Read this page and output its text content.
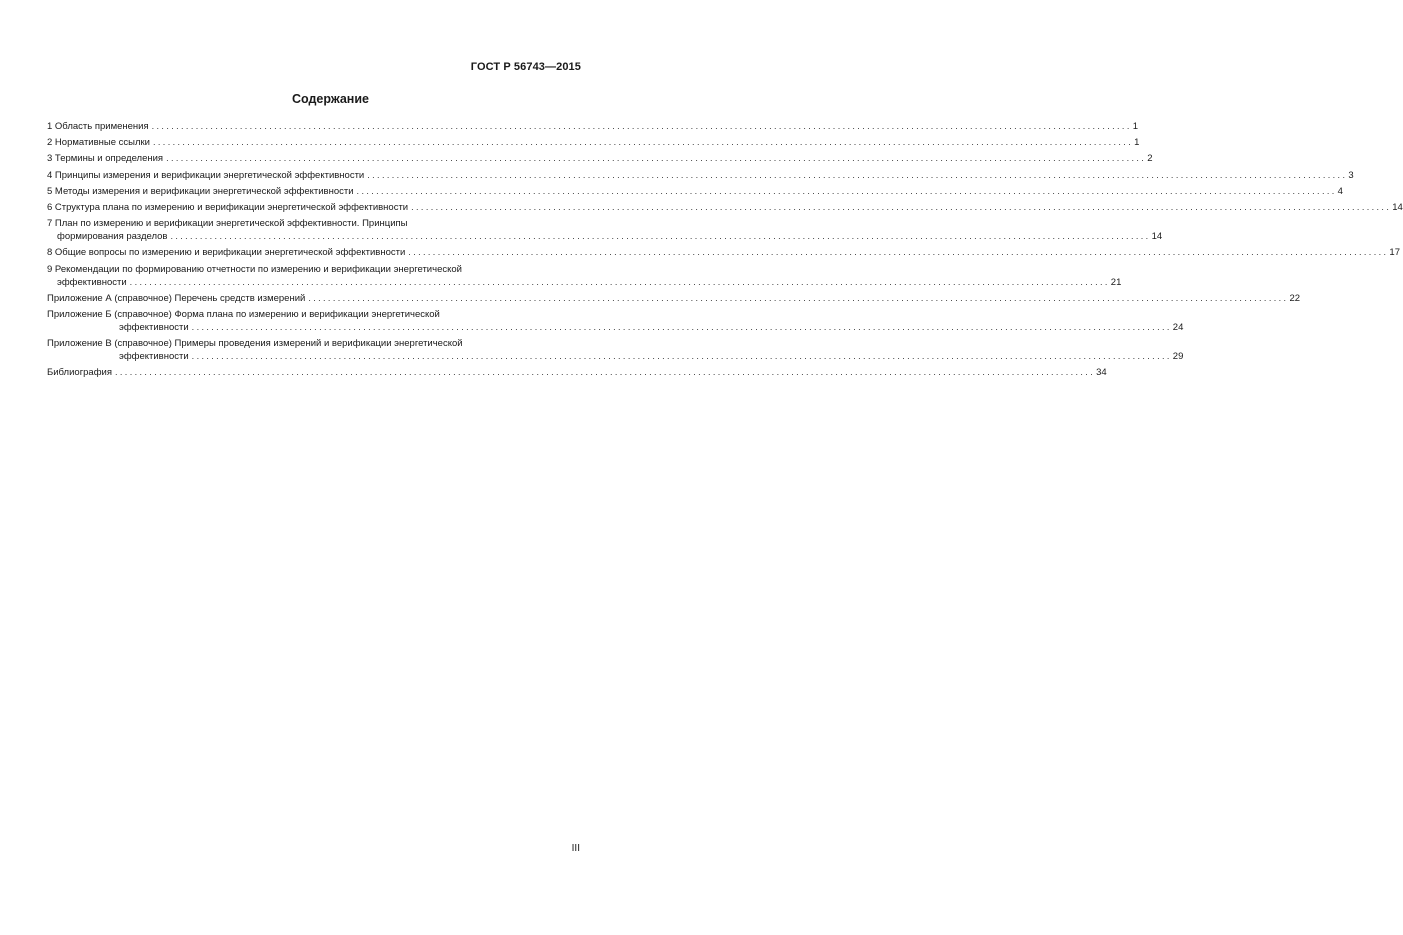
ГОСТ Р 56743—2015
Содержание
1 Область применения ........................................................................................................................................................................................................ 1
2 Нормативные ссылки ........................................................................................................................................................................................................ 1
3 Термины и определения ........................................................................................................................................................................................................ 2
4 Принципы измерения и верификации энергетической эффективности ........................................................................................................................................................................................................ 3
5 Методы измерения и верификации энергетической эффективности ........................................................................................................................................................................................................ 4
6 Структура плана по измерению и верификации энергетической эффективности ........................................................................................................................................................................................................ 14
7 План по измерению и верификации энергетической эффективности. Принципы
формирования разделов ........................................................................................................................................................................................................ 14
8 Общие вопросы по измерению и верификации энергетической эффективности ........................................................................................................................................................................................................ 17
9 Рекомендации по формированию отчетности по измерению и верификации энергетической
эффективности ........................................................................................................................................................................................................ 21
Приложение А (справочное) Перечень средств измерений ........................................................................................................................................................................................................ 22
Приложение Б (справочное) Форма плана по измерению и верификации энергетической
эффективности ........................................................................................................................................................................................................ 24
Приложение В (справочное) Примеры проведения измерений и верификации энергетической
эффективности ........................................................................................................................................................................................................ 29
Библиография ........................................................................................................................................................................................................ 34
III
